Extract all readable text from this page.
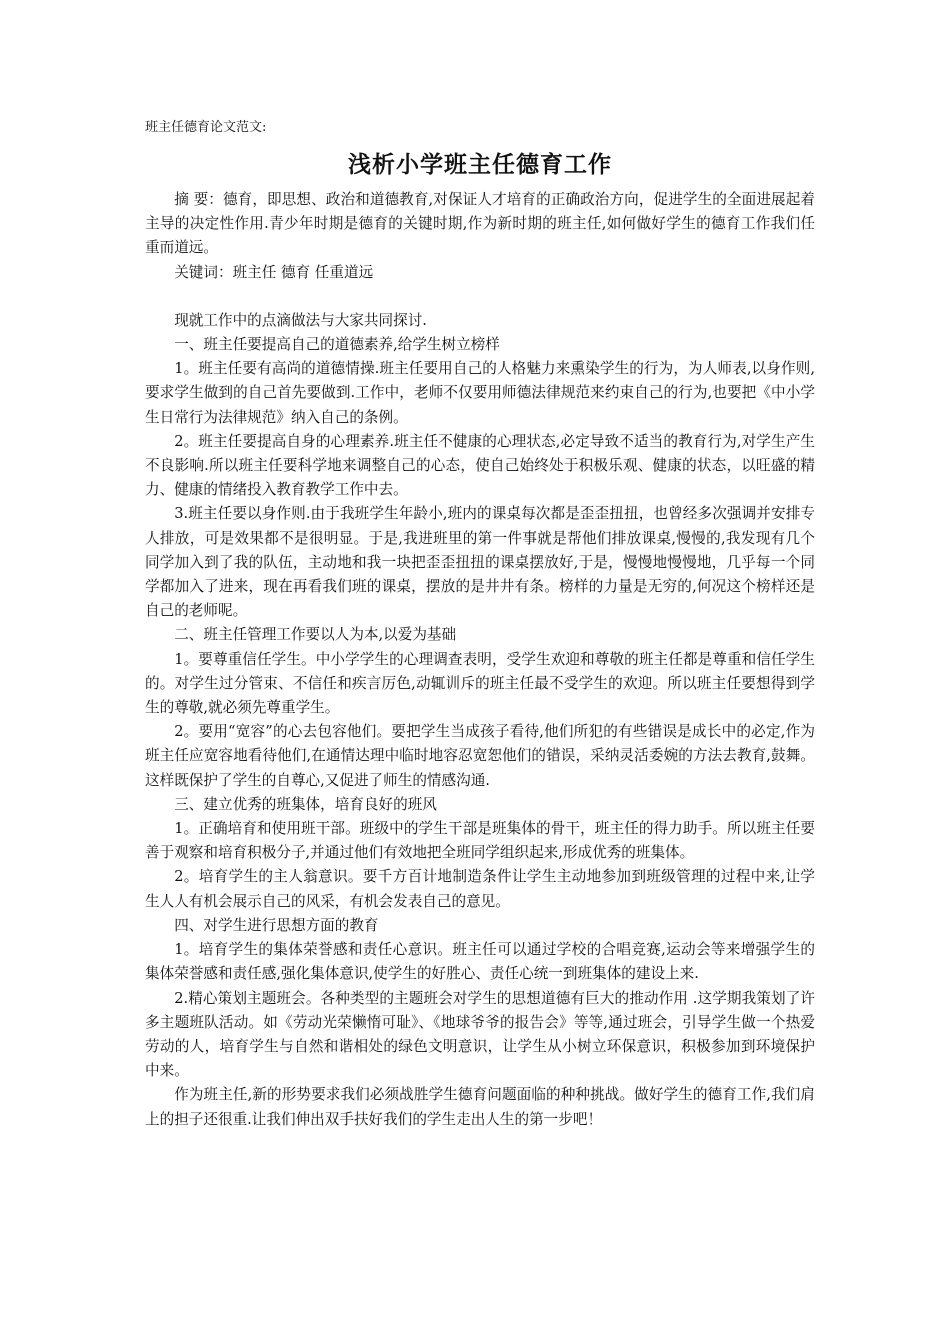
班主任德育论文范文:

浅析小学班主任德育工作

摘 要：德育，即思想、政治和道德教育,对保证人才培育的正确政治方向，促进学生的全面进展起着主导的决定性作用.青少年时期是德育的关键时期,作为新时期的班主任,如何做好学生的德育工作我们任重而道远。

关键词：班主任 德育 任重道远

现就工作中的点滴做法与大家共同探讨.

一、班主任要提高自己的道德素养,给学生树立榜样

1。班主任要有高尚的道德情操.班主任要用自己的人格魅力来熏染学生的行为，为人师表,以身作则,要求学生做到的自己首先要做到.工作中，老师不仅要用师德法律规范来约束自己的行为,也要把《中小学生日常行为法律规范》纳入自己的条例。

2。班主任要提高自身的心理素养.班主任不健康的心理状态,必定导致不适当的教育行为,对学生产生不良影响.所以班主任要科学地来调整自己的心态，使自己始终处于积极乐观、健康的状态，以旺盛的精力、健康的情绪投入教育教学工作中去。

3.班主任要以身作则.由于我班学生年龄小,班内的课桌每次都是歪歪扭扭，也曾经多次强调并安排专人排放，可是效果都不是很明显。于是,我进班里的第一件事就是帮他们排放课桌,慢慢的,我发现有几个同学加入到了我的队伍，主动地和我一块把歪歪扭扭的课桌摆放好,于是，慢慢地慢慢地，几乎每一个同学都加入了进来，现在再看我们班的课桌，摆放的是井井有条。榜样的力量是无穷的,何况这个榜样还是自己的老师呢。

二、班主任管理工作要以人为本,以爱为基础

1。要尊重信任学生。中小学学生的心理调查表明，受学生欢迎和尊敬的班主任都是尊重和信任学生的。对学生过分管束、不信任和疾言厉色,动辄训斥的班主任最不受学生的欢迎。所以班主任要想得到学生的尊敬,就必须先尊重学生。

2。要用“宽容”的心去包容他们。要把学生当成孩子看待,他们所犯的有些错误是成长中的必定,作为班主任应宽容地看待他们,在通情达理中临时地容忍宽恕他们的错误，采纳灵活委婉的方法去教育,鼓舞。这样既保护了学生的自尊心,又促进了师生的情感沟通.

三、建立优秀的班集体，培育良好的班风

1。正确培育和使用班干部。班级中的学生干部是班集体的骨干，班主任的得力助手。所以班主任要善于观察和培育积极分子,并通过他们有效地把全班同学组织起来,形成优秀的班集体。

2。培育学生的主人翁意识。要千方百计地制造条件让学生主动地参加到班级管理的过程中来,让学生人人有机会展示自己的风采，有机会发表自己的意见。

四、对学生进行思想方面的教育

1。培育学生的集体荣誉感和责任心意识。班主任可以通过学校的合唱竞赛,运动会等来增强学生的集体荣誉感和责任感,强化集体意识,使学生的好胜心、责任心统一到班集体的建设上来.

2.精心策划主题班会。各种类型的主题班会对学生的思想道德有巨大的推动作用 .这学期我策划了许多主题班队活动。如《劳动光荣懒惰可耻》、《地球爷爷的报告会》等等,通过班会，引导学生做一个热爱劳动的人，培育学生与自然和谐相处的绿色文明意识，让学生从小树立环保意识，积极参加到环境保护中来。

作为班主任,新的形势要求我们必须战胜学生德育问题面临的种种挑战。做好学生的德育工作,我们肩上的担子还很重.让我们伸出双手扶好我们的学生走出人生的第一步吧！
